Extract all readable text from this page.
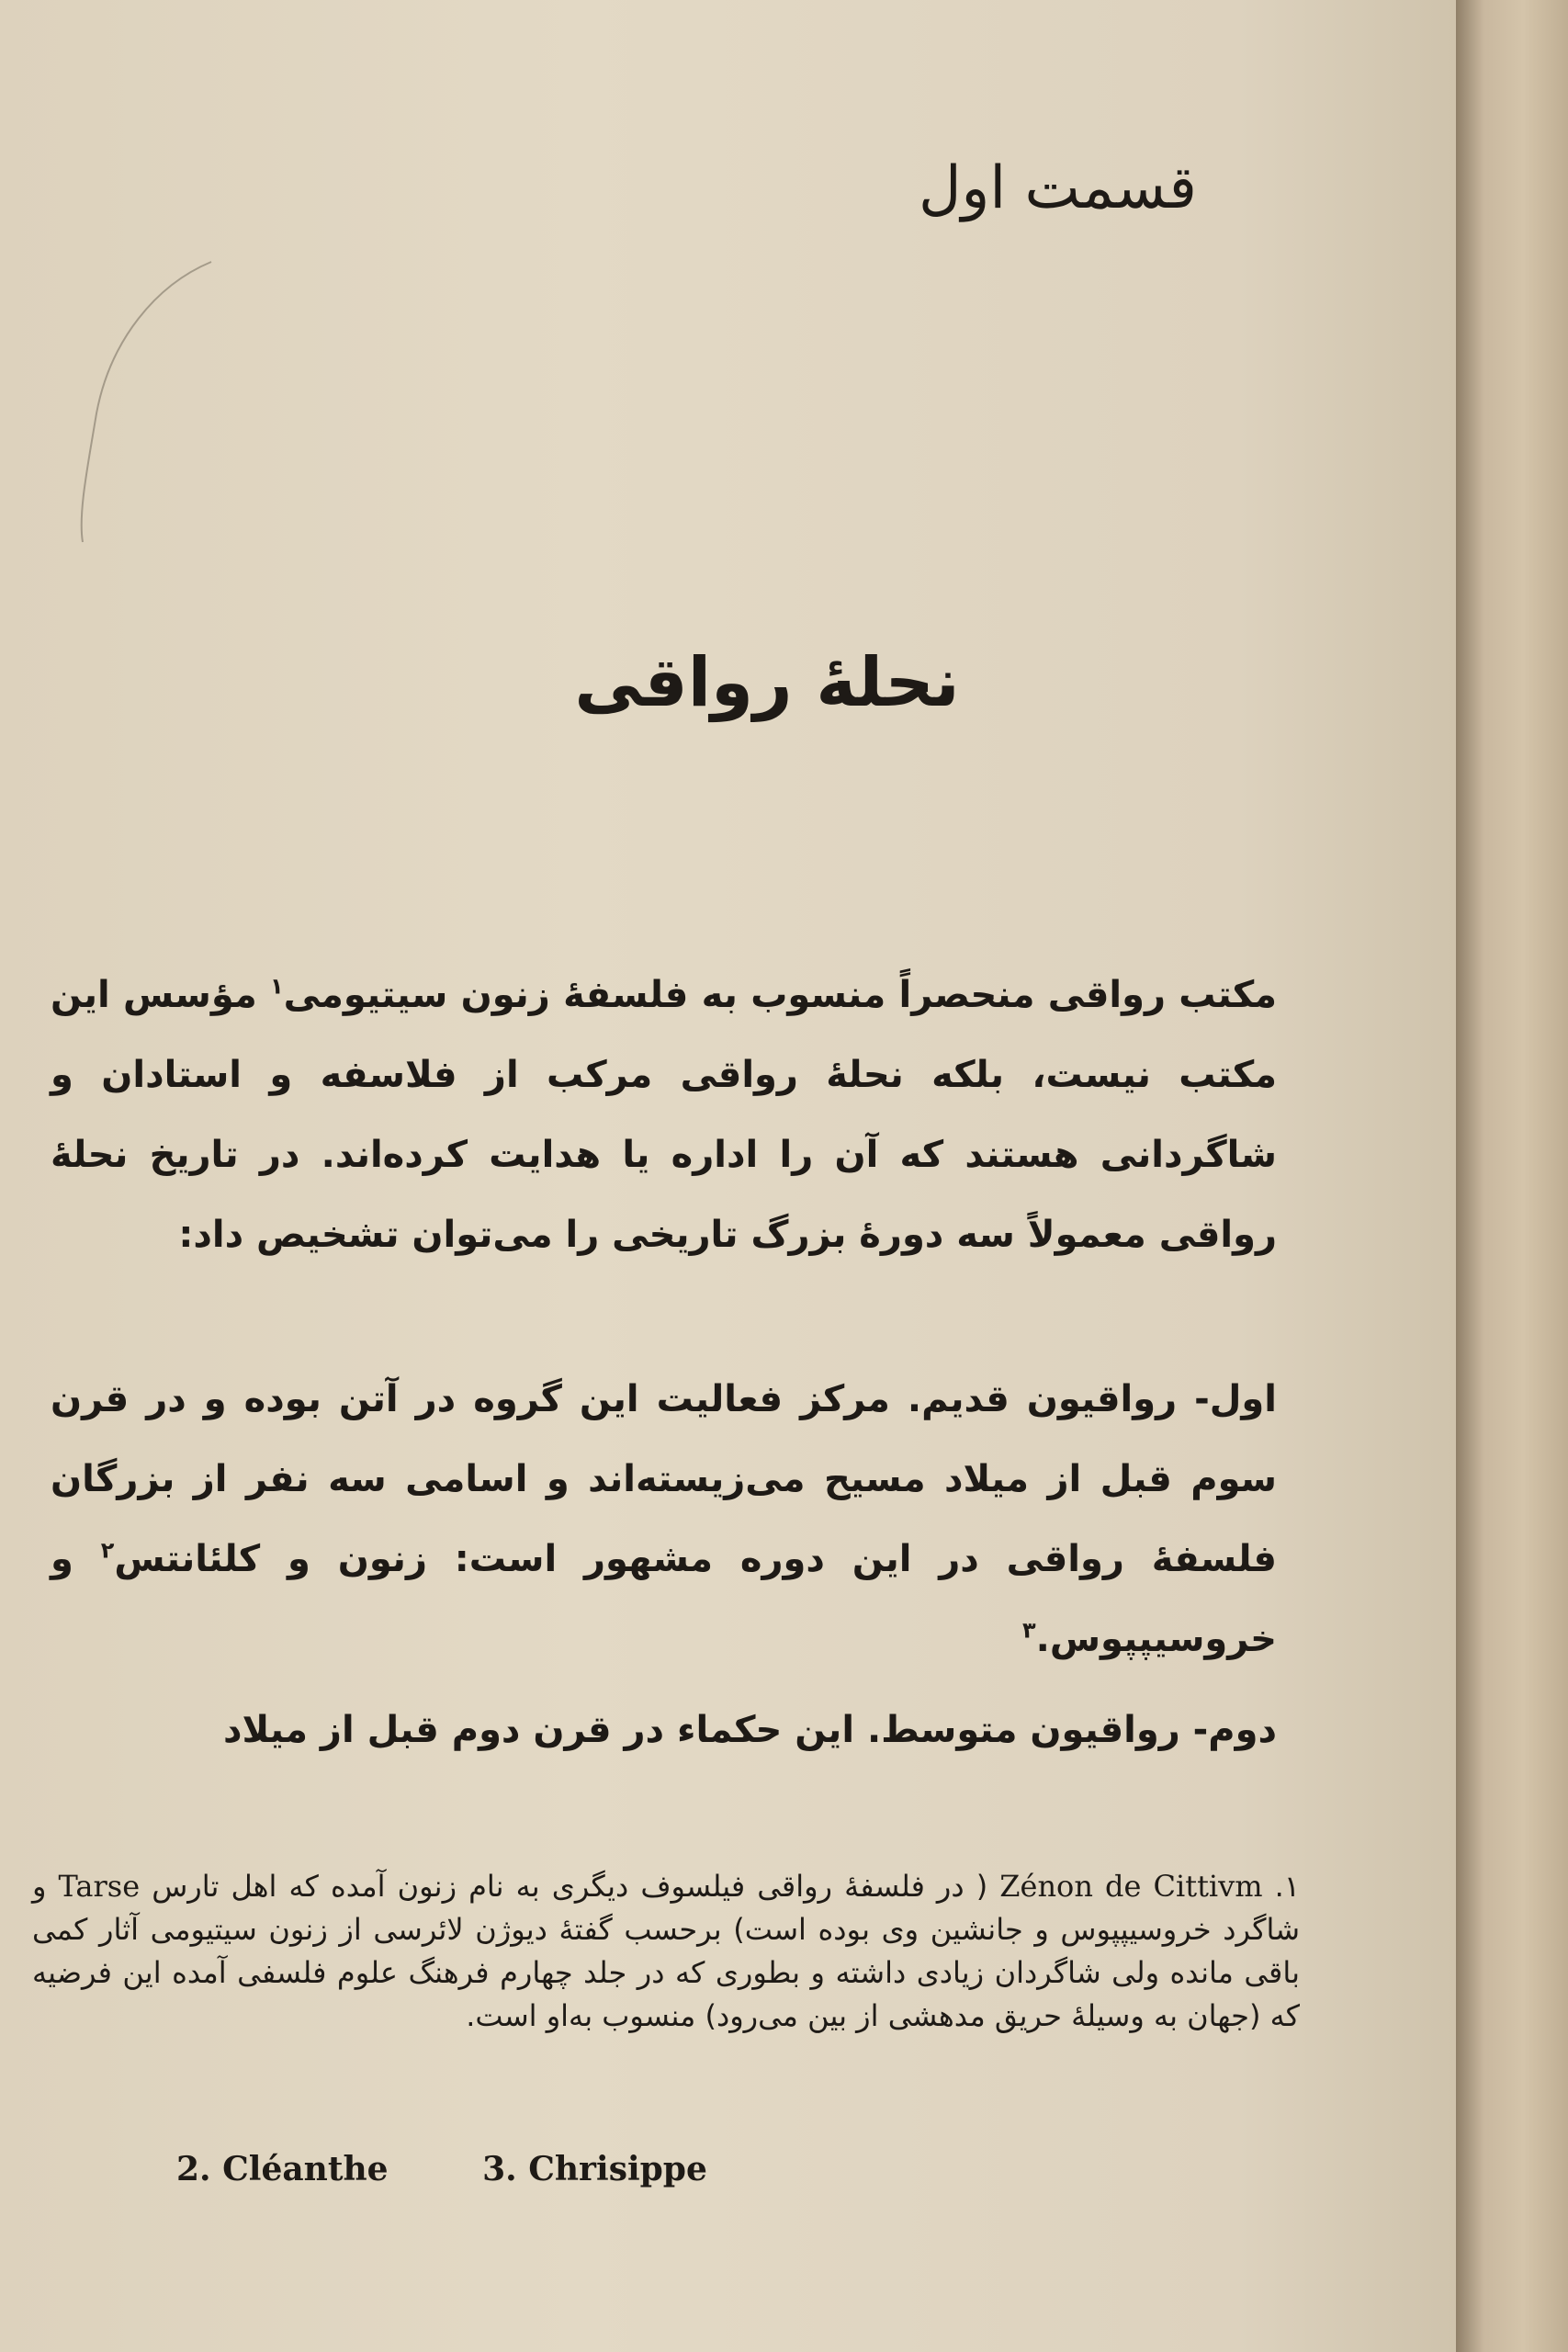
قسمت اول
نحلهٔ رواقی
مکتب رواقی منحصراً منسوب به فلسفهٔ زنون سیتیومی$^۱$ مؤسس این مکتب نیست، بلکه نحلهٔ رواقی مرکب از فلاسفه و استادان و شاگردانی هستند که آن را اداره یا هدایت کرده‌اند. در تاریخ نحلهٔ رواقی معمولاً سه دورهٔ بزرگ تاریخی را می‌توان تشخیص داد:
اول- رواقیون قدیم. مرکز فعالیت این گروه در آتن بوده و در قرن سوم قبل از میلاد مسیح می‌زیسته‌اند و اسامی سه نفر از بزرگان فلسفهٔ رواقی در این دوره مشهور است: زنون و کلئانتس$^۲$ و خروسیپپوس.$^۳$
دوم- رواقیون متوسط. این حکماء در قرن دوم قبل از میلاد
۱. Zénon de Cittivm ( در فلسفهٔ رواقی فیلسوف دیگری به نام زنون آمده که اهل تارس Tarse و شاگرد خروسیپپوس و جانشین وی بوده است) برحسب گفتهٔ دیوژن لائرسی از زنون سیتیومی آثار کمی باقی مانده ولی شاگردان زیادی داشته و بطوری که در جلد چهارم فرهنگ علوم فلسفی آمده این فرضیه که (جهان به وسیلهٔ حریق مدهشی از بین می‌رود) منسوب به‌او است.
2. Cléanthe	3. Chrisippe
